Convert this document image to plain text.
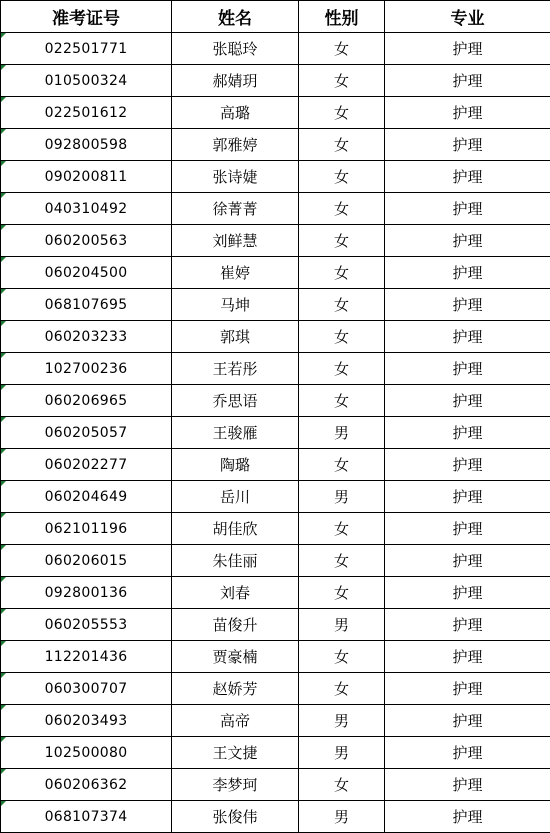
准考证号	姓名	性别	专业

022501771	张聪玲	女	护理

010500324	郝婧玥	女	护理

022501612	高璐	女	护理

092800598	郭雅婷	女	护理

090200811	张诗婕	女	护理

040310492	徐菁菁	女	护理

060200563	刘鲜慧	女	护理

060204500	崔婷	女	护理

068107695	马坤	女	护理

060203233	郭琪	女	护理

102700236	王若彤	女	护理

060206965	乔思语	女	护理

060205057	王骏雁	男	护理

060202277	陶璐	女	护理

060204649	岳川	男	护理

062101196	胡佳欣	女	护理

060206015	朱佳丽	女	护理

092800136	刘春	女	护理

060205553	苗俊升	男	护理

112201436	贾豪楠	女	护理

060300707	赵娇芳	女	护理

060203493	高帝	男	护理

102500080	王文捷	男	护理

060206362	李梦珂	女	护理

068107374	张俊伟	男	护理
